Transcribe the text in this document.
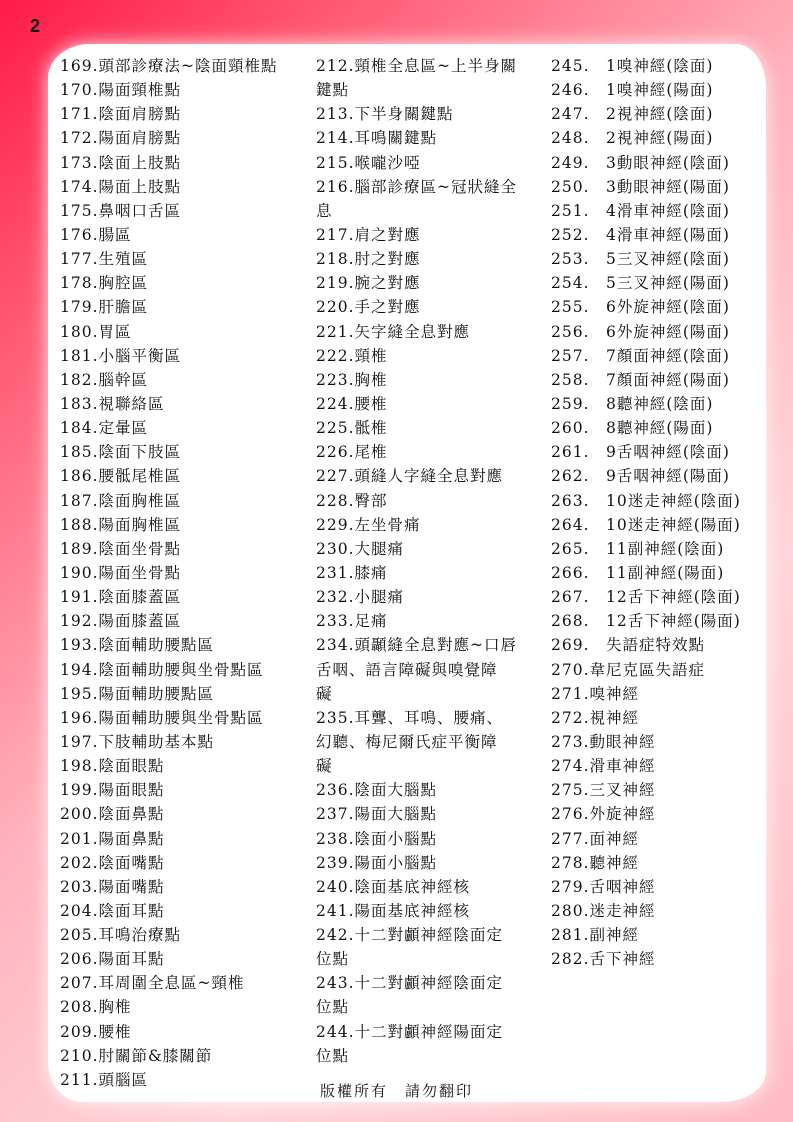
2
169.頭部診療法~陰面頸椎點
170.陽面頸椎點
171.陰面肩膀點
172.陽面肩膀點
173.陰面上肢點
174.陽面上肢點
175.鼻咽口舌區
176.腸區
177.生殖區
178.胸腔區
179.肝膽區
180.胃區
181.小腦平衡區
182.腦幹區
183.視聯絡區
184.定暈區
185.陰面下肢區
186.腰骶尾椎區
187.陰面胸椎區
188.陽面胸椎區
189.陰面坐骨點
190.陽面坐骨點
191.陰面膝蓋區
192.陽面膝蓋區
193.陰面輔助腰點區
194.陰面輔助腰與坐骨點區
195.陽面輔助腰點區
196.陽面輔助腰與坐骨點區
197.下肢輔助基本點
198.陰面眼點
199.陽面眼點
200.陰面鼻點
201.陽面鼻點
202.陰面嘴點
203.陽面嘴點
204.陰面耳點
205.耳鳴治療點
206.陽面耳點
207.耳周圍全息區~頸椎
208.胸椎
209.腰椎
210.肘關節&膝關節
211.頭腦區
212.頸椎全息區~上半身關
鍵點
213.下半身關鍵點
214.耳鳴關鍵點
215.喉嚨沙啞
216.腦部診療區~冠狀縫全
息
217.肩之對應
218.肘之對應
219.腕之對應
220.手之對應
221.矢字縫全息對應
222.頸椎
223.胸椎
224.腰椎
225.骶椎
226.尾椎
227.頭縫人字縫全息對應
228.臀部
229.左坐骨痛
230.大腿痛
231.膝痛
232.小腿痛
233.足痛
234.頭顳縫全息對應~口唇
舌咽、語言障礙與嗅覺障
礙
235.耳聾、耳鳴、腰痛、
幻聽、梅尼爾氏症平衡障
礙
236.陰面大腦點
237.陽面大腦點
238.陰面小腦點
239.陽面小腦點
240.陰面基底神經核
241.陽面基底神經核
242.十二對顱神經陰面定
位點
243.十二對顱神經陰面定
位點
244.十二對顱神經陽面定
位點
245.　1嗅神經(陰面)
246.　1嗅神經(陽面)
247.　2視神經(陰面)
248.　2視神經(陽面)
249.　3動眼神經(陰面)
250.　3動眼神經(陽面)
251.　4滑車神經(陰面)
252.　4滑車神經(陽面)
253.　5三叉神經(陰面)
254.　5三叉神經(陽面)
255.　6外旋神經(陰面)
256.　6外旋神經(陽面)
257.　7顏面神經(陰面)
258.　7顏面神經(陽面)
259.　8聽神經(陰面)
260.　8聽神經(陽面)
261.　9舌咽神經(陰面)
262.　9舌咽神經(陽面)
263.　10迷走神經(陰面)
264.　10迷走神經(陽面)
265.　11副神經(陰面)
266.　11副神經(陽面)
267.　12舌下神經(陰面)
268.　12舌下神經(陽面)
269.　失語症特效點
270.韋尼克區失語症
271.嗅神經
272.視神經
273.動眼神經
274.滑車神經
275.三叉神經
276.外旋神經
277.面神經
278.聽神經
279.舌咽神經
280.迷走神經
281.副神經
282.舌下神經
版權所有　請勿翻印
